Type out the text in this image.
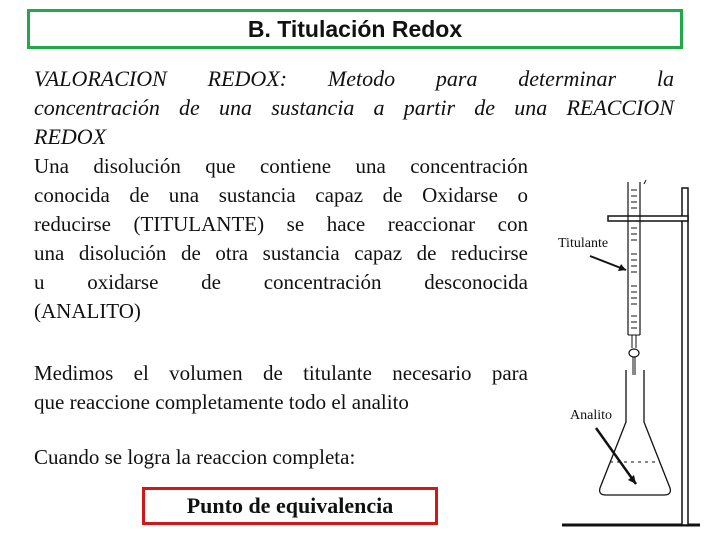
B. Titulación Redox
VALORACION REDOX: Metodo para determinar la
concentración de una sustancia a partir de una REACCION
REDOX
Una disolución que contiene una concentración
conocida de una sustancia capaz de Oxidarse o
reducirse (TITULANTE) se hace reaccionar con
una disolución de otra sustancia capaz de reducirse
u oxidarse de concentración desconocida
(ANALITO)
Medimos el volumen de titulante necesario para
que reaccione completamente todo el analito
Cuando se logra la reaccion completa:
Punto de equivalencia
Titulante
Analito
